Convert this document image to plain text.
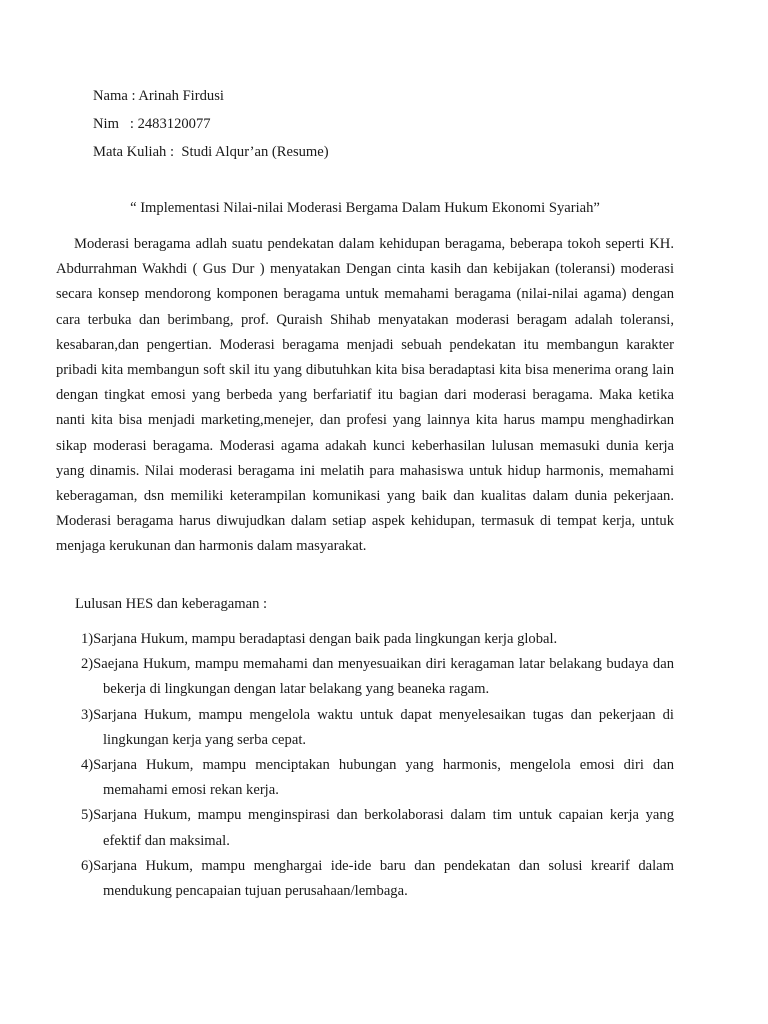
Nama : Arinah Firdusi
Nim   : 2483120077
Mata Kuliah :  Studi Alqur’an (Resume)
“ Implementasi Nilai-nilai Moderasi Bergama Dalam Hukum Ekonomi Syariah”

Moderasi beragama adlah suatu pendekatan dalam kehidupan beragama, beberapa tokoh seperti KH. Abdurrahman Wakhdi ( Gus Dur ) menyatakan Dengan cinta kasih dan kebijakan (toleransi) moderasi secara konsep mendorong komponen beragama untuk memahami beragama (nilai-nilai agama) dengan cara terbuka dan berimbang, prof. Quraish Shihab menyatakan moderasi beragam adalah toleransi, kesabaran,dan pengertian. Moderasi beragama menjadi sebuah pendekatan itu membangun karakter pribadi kita membangun soft skil itu yang dibutuhkan kita bisa beradaptasi kita bisa menerima orang lain dengan tingkat emosi yang berbeda yang berfariatif itu bagian dari moderasi beragama. Maka ketika nanti kita bisa menjadi marketing,menejer, dan profesi yang lainnya kita harus mampu menghadirkan sikap moderasi beragama. Moderasi agama adakah kunci keberhasilan lulusan memasuki dunia kerja yang dinamis. Nilai moderasi beragama ini melatih para mahasiswa untuk hidup harmonis, memahami keberagaman, dsn memiliki keterampilan komunikasi yang baik dan kualitas dalam dunia pekerjaan. Moderasi beragama harus diwujudkan dalam setiap aspek kehidupan, termasuk di tempat kerja, untuk menjaga kerukunan dan harmonis dalam masyarakat.

Lulusan HES dan keberagaman :
1)Sarjana Hukum, mampu beradaptasi dengan baik pada lingkungan kerja global.
2)Saejana Hukum, mampu memahami dan menyesuaikan diri keragaman latar belakang budaya dan bekerja di lingkungan dengan latar belakang yang beaneka ragam.
3)Sarjana Hukum, mampu mengelola waktu untuk dapat menyelesaikan tugas dan pekerjaan di lingkungan kerja yang serba cepat.
4)Sarjana Hukum, mampu menciptakan hubungan yang harmonis, mengelola emosi diri dan memahami emosi rekan kerja.
5)Sarjana Hukum, mampu menginspirasi dan berkolaborasi dalam tim untuk capaian kerja yang efektif dan maksimal.
6)Sarjana Hukum, mampu menghargai ide-ide baru dan pendekatan dan solusi krearif dalam mendukung pencapaian tujuan perusahaan/lembaga.
